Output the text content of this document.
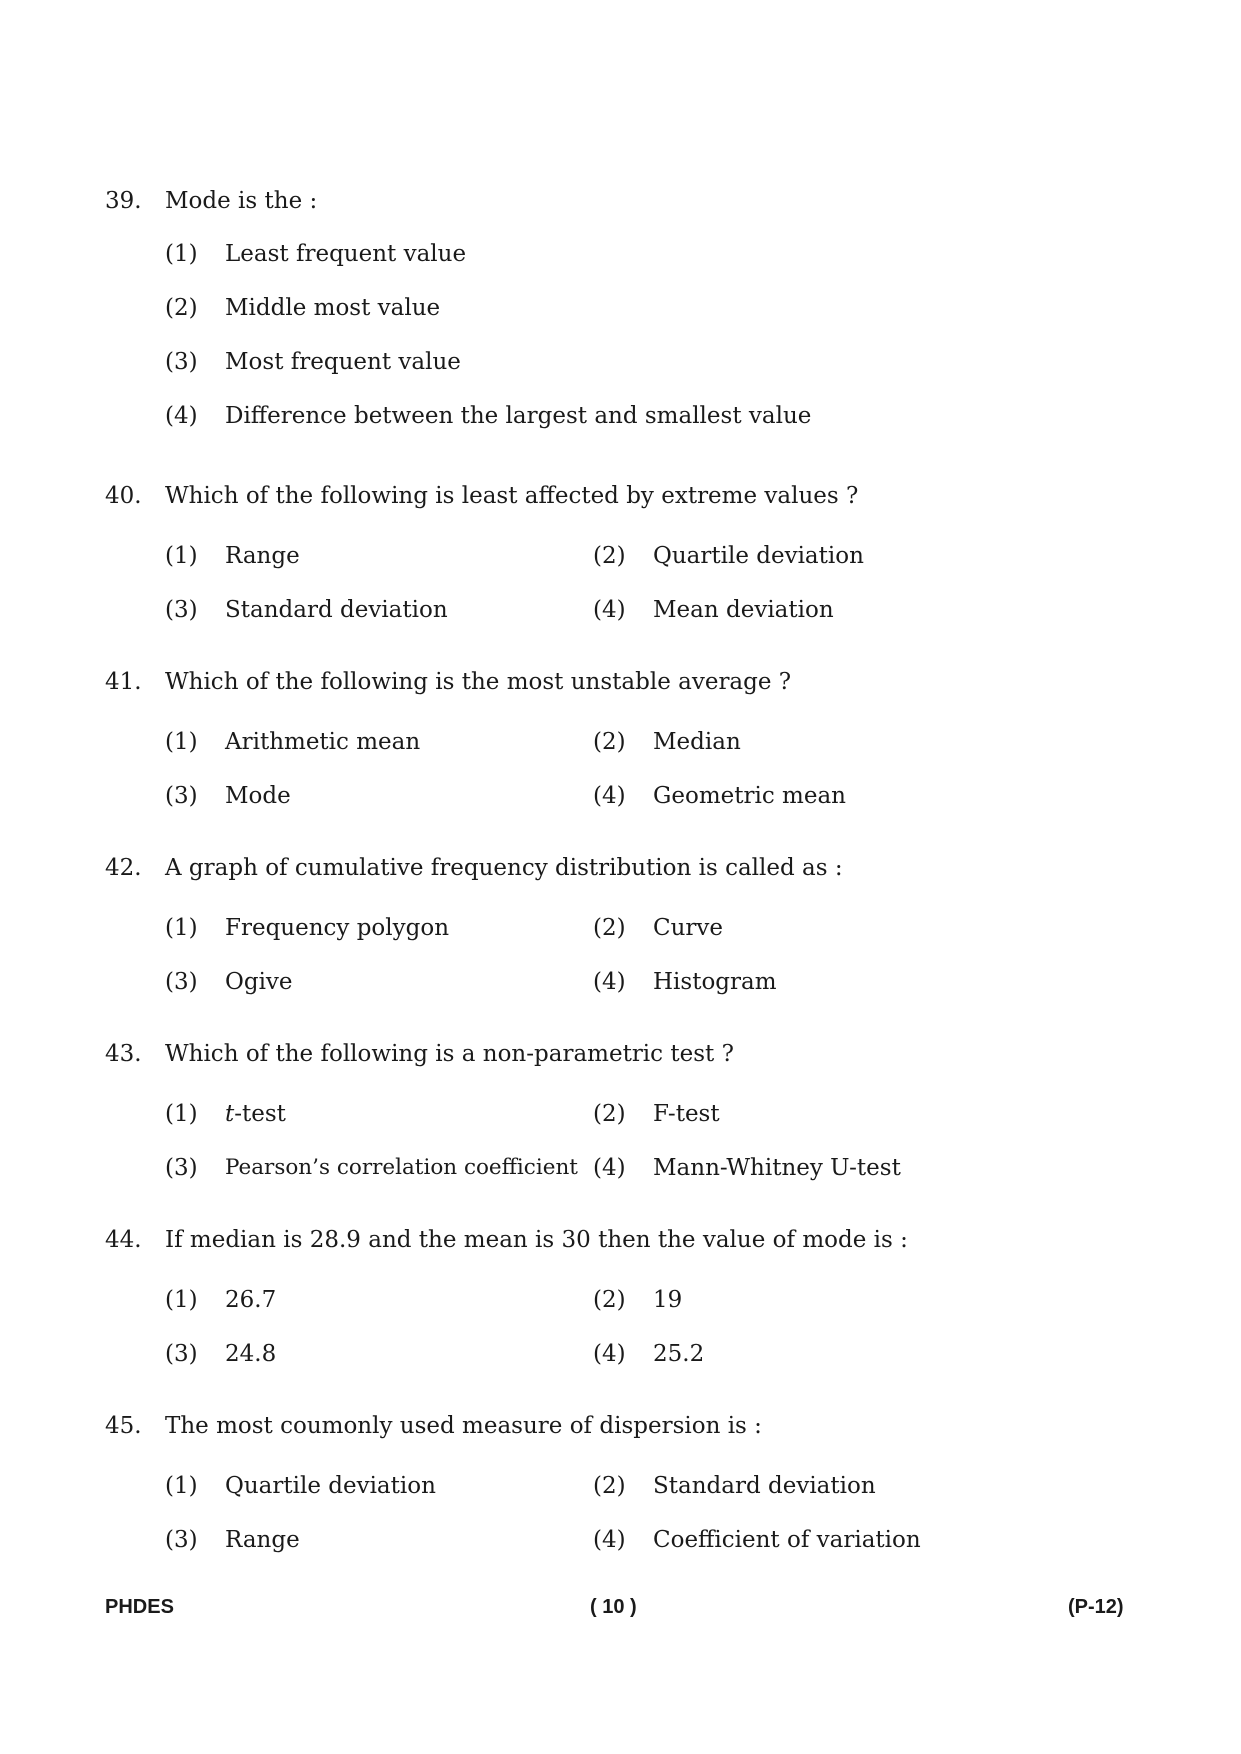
39. Mode is the :
(1) Least frequent value
(2) Middle most value
(3) Most frequent value
(4) Difference between the largest and smallest value
40. Which of the following is least affected by extreme values ?
(1) Range	(2) Quartile deviation
(3) Standard deviation	(4) Mean deviation
41. Which of the following is the most unstable average ?
(1) Arithmetic mean	(2) Median
(3) Mode	(4) Geometric mean
42. A graph of cumulative frequency distribution is called as :
(1) Frequency polygon	(2) Curve
(3) Ogive	(4) Histogram
43. Which of the following is a non-parametric test ?
(1) t-test	(2) F-test
(3) Pearson’s correlation coefficient (4) Mann-Whitney U-test
44. If median is 28.9 and the mean is 30 then the value of mode is :
(1) 26.7	(2) 19
(3) 24.8	(4) 25.2
45. The most coumonly used measure of dispersion is :
(1) Quartile deviation	(2) Standard deviation
(3) Range	(4) Coefficient of variation
PHDES	( 10 )	(P-12)
